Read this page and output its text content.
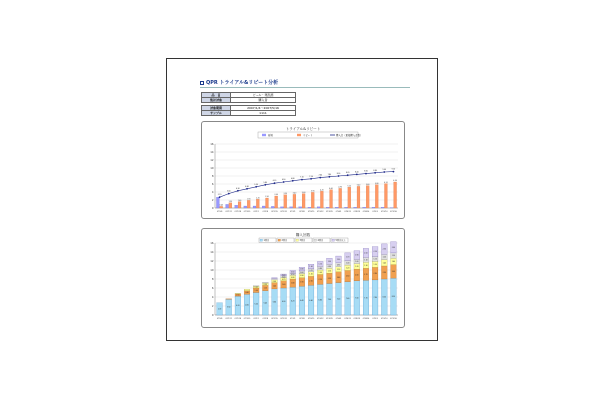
QPR トライアル&リピート分析
品　目	ビール・発泡酒
集計対象	購入者

対象期間	2007/1/4〜2007/5/16
サンプル	1111
トライアル&リピート
新規	リピート	購入者（累積購入者数）
0
2
4
6
8
10
12
14
16
0.40
07/1/4
1.30
07/1/11
1.60
07/1/18
1.90
07/1/25
2.20
07/2/1
2.50
07/2/8
3.00
07/2/15
3.30
07/2/22
3.40
07/3/1
3.60
07/3/8
3.90
07/3/15
4.20
07/3/22
4.60
07/3/29
4.90
07/4/5
5.20
07/4/12
5.40
07/4/19
5.60
07/4/26
5.80
07/5/3
6.10
07/5/10
6.50
07/5/16
2.70
3.60
4.30
4.80
5.30
5.80
6.20
6.50
6.80
7.10
7.30
7.60
7.80
8.00
8.20
8.40
8.60
8.80
9.00	9.10
購入回数
1回目	2回目	3回目	4回目	5回目以上
0
2
4
6
8
10
12
14
16
2.70
07/1/4
3.50
07/1/11
4.20
0.50
07/1/18
4.60
0.80
07/1/25
5.00
1.00
0.40
07/2/1
5.40
1.20
0.50
07/2/8
5.80
1.40
0.60
07/2/15
6.00
1.60
0.70
0.40
0.40
07/2/22
6.20
1.80
0.80
0.50
0.60
07/3/1
6.40
1.90
0.90
0.60
0.80
07/3/8
6.60
2.00
1.00
0.70
1.00
07/3/15
6.80
2.20
1.00
0.80
1.10
07/3/22
7.00
2.30
1.10
0.90
1.30
07/3/29
7.20
2.40
1.10
0.90
1.50
07/4/5
7.40
2.50
1.20
1.00
1.70
07/4/12
7.60
2.60
1.20
1.00
1.90
07/4/19
7.70
2.70
1.30
1.10
2.00
07/4/26
7.80
2.80
1.30
1.10
2.20
07/5/3
8.00
2.90
1.40
1.20
2.30
07/5/10
8.20
3.00
1.40
1.20
2.50
07/5/16
